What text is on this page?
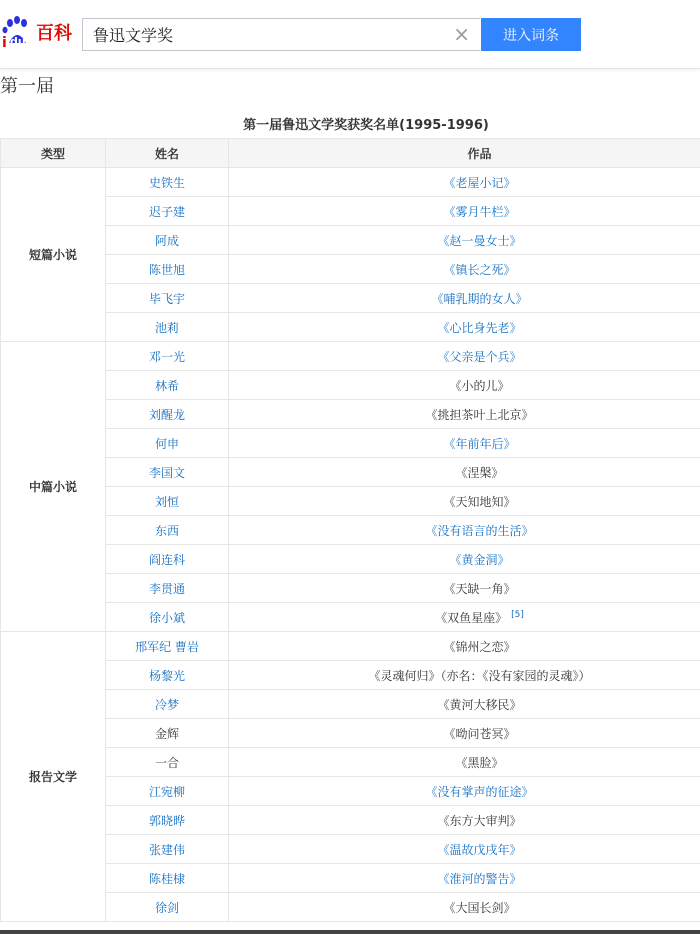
i du 百科
鲁迅文学奖	×	进入词条
第一届
第一届鲁迅文学奖获奖名单(1995-1996)
类型	姓名	作品
短篇小说	史铁生	《老屋小记》
	迟子建	《雾月牛栏》
	阿成	《赵一曼女士》
	陈世旭	《镇长之死》
	毕飞宇	《哺乳期的女人》
	池莉	《心比身先老》
中篇小说	邓一光	《父亲是个兵》
	林希	《小的儿》
	刘醒龙	《挑担茶叶上北京》
	何申	《年前年后》
	李国文	《涅槃》
	刘恒	《天知地知》
	东西	《没有语言的生活》
	阎连科	《黄金洞》
	李贯通	《天缺一角》
	徐小斌	《双鱼星座》 [5]
报告文学	邢军纪 曹岩	《锦州之恋》
	杨黎光	《灵魂何归》（亦名：《没有家园的灵魂》）
	冷梦	《黄河大移民》
	金辉	《呦问苍冥》
	一合	《黑脸》
	江宛柳	《没有掌声的征途》
	郭晓晔	《东方大审判》
	张建伟	《温故戊戌年》
	陈桂棣	《淮河的警告》
	徐剑	《大国长剑》
